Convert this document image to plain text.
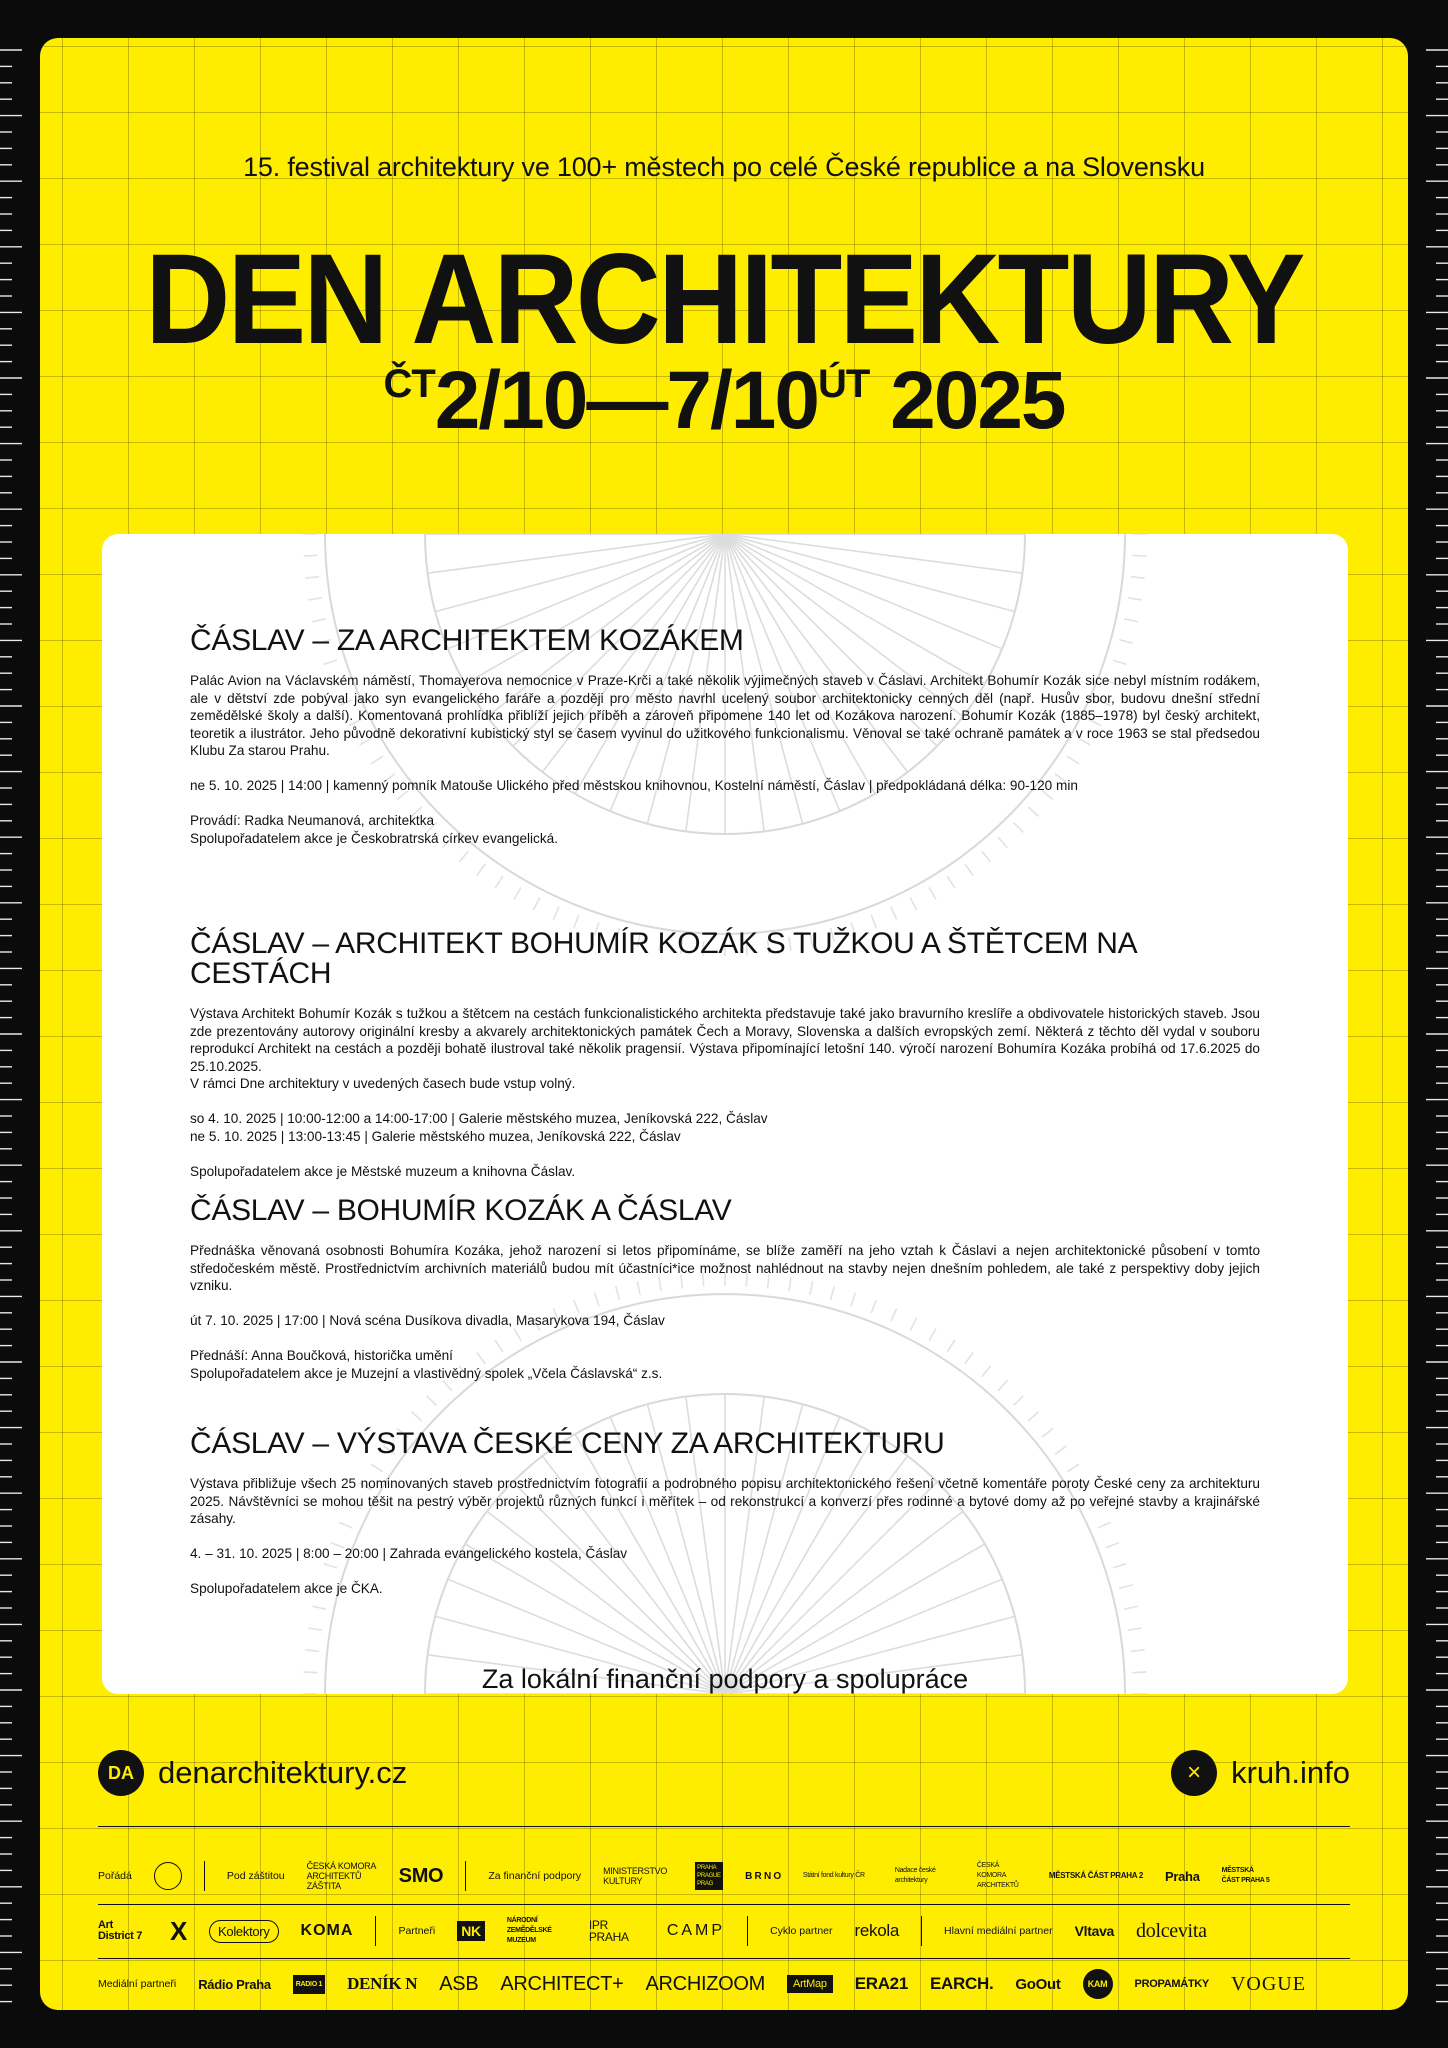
15. festival architektury ve 100+ městech po celé České republice a na Slovensku
DEN ARCHITEKTURY
$^{ČT}2/10—7/10^{ÚT}$ 2025
ČÁSLAV – ZA ARCHITEKTEM KOZÁKEM

Palác Avion na Václavském náměstí, Thomayerova nemocnice v Praze-Krči a také několik výjimečných staveb v Čáslavi. Architekt Bohumír Kozák sice nebyl místním rodákem, ale v dětství zde pobýval jako syn evangelického faráře a později pro město navrhl ucelený soubor architektonicky cenných děl (např. Husův sbor, budovu dnešní střední zemědělské školy a další). Komentovaná prohlídka přiblíží jejich příběh a zároveň připomene 140 let od Kozákova narození. Bohumír Kozák (1885–1978) byl český architekt, teoretik a ilustrátor. Jeho původně dekorativní kubistický styl se časem vyvinul do užitkového funkcionalismu. Věnoval se také ochraně památek a v roce 1963 se stal předsedou Klubu Za starou Prahu.

ne 5. 10. 2025 | 14:00 | kamenný pomník Matouše Ulického před městskou knihovnou, Kostelní náměstí, Čáslav | předpokládaná délka: 90-120 min

Provádí: Radka Neumanová, architektka

Spolupořadatelem akce je Českobratrská církev evangelická.

ČÁSLAV – ARCHITEKT BOHUMÍR KOZÁK S TUŽKOU A ŠTĚTCEM NA CESTÁCH

Výstava Architekt Bohumír Kozák s tužkou a štětcem na cestách funkcionalistického architekta představuje také jako bravurního kreslíře a obdivovatele historických staveb. Jsou zde prezentovány autorovy originální kresby a akvarely architektonických památek Čech a Moravy, Slovenska a dalších evropských zemí. Některá z těchto děl vydal v souboru reprodukcí Architekt na cestách a později bohatě ilustroval také několik pragensií. Výstava připomínající letošní 140. výročí narození Bohumíra Kozáka probíhá od 17.6.2025 do 25.10.2025.

V rámci Dne architektury v uvedených časech bude vstup volný.

so 4. 10. 2025 | 10:00-12:00 a 14:00-17:00 | Galerie městského muzea, Jeníkovská 222, Čáslav

ne 5. 10. 2025 | 13:00-13:45 | Galerie městského muzea, Jeníkovská 222, Čáslav

Spolupořadatelem akce je Městské muzeum a knihovna Čáslav.

ČÁSLAV – BOHUMÍR KOZÁK A ČÁSLAV

Přednáška věnovaná osobnosti Bohumíra Kozáka, jehož narození si letos připomínáme, se blíže zaměří na jeho vztah k Čáslavi a nejen architektonické působení v tomto středočeském městě. Prostřednictvím archivních materiálů budou mít účastníci*ice možnost nahlédnout na stavby nejen dnešním pohledem, ale také z perspektivy doby jejich vzniku.

út 7. 10. 2025 | 17:00 | Nová scéna Dusíkova divadla, Masarykova 194, Čáslav

Přednáší: Anna Boučková, historička umění

Spolupořadatelem akce je Muzejní a vlastivědný spolek „Včela Čáslavská“ z.s.

ČÁSLAV – VÝSTAVA ČESKÉ CENY ZA ARCHITEKTURU

Výstava přibližuje všech 25 nominovaných staveb prostřednictvím fotografií a podrobného popisu architektonického řešení včetně komentáře poroty České ceny za architekturu 2025. Návštěvníci se mohou těšit na pestrý výběr projektů různých funkcí i měřítek – od rekonstrukcí a konverzí přes rodinné a bytové domy až po veřejné stavby a krajinářské zásahy.

4. – 31. 10. 2025 | 8:00 – 20:00 | Zahrada evangelického kostela, Čáslav

Spolupořadatelem akce je ČKA.

Za lokální finanční podpory a spolupráce
DA denarchitektury.cz	× kruh.info
Pořádá	Pod záštitou
ČESKÁ KOMORA ARCHITEKTŮ ZÁŠTITA	SMO	Za finanční podpory MINISTERSTVO KULTURY
PRAHA PRAGUE PRAG
B R N O	Státní fond kultury ČR
Nadace české architektury
ČESKÁ KOMORA ARCHITEKTŮ
MĚSTSKÁ ČÁST PRAHA 2 Praha	MĚSTSKÁ ČÁST PRAHA 5
Art District 7 X	Kolektory	KOMA	Partneři NK
NÁRODNÍ ZEMĚDĚLSKÉ MUZEUM
IPR PRAHA	CAMP	Cyklo partner rekola	Hlavní mediální partner Vltava dolcevita
Mediální partneři Rádio Praha	RADIO 1 DENÍK N ASB ARCHITECT+ ARCHIZOOM	ArtMap	ERA21 EARCH. GoOut	KAM	PROPAMÁTKY VOGUE
